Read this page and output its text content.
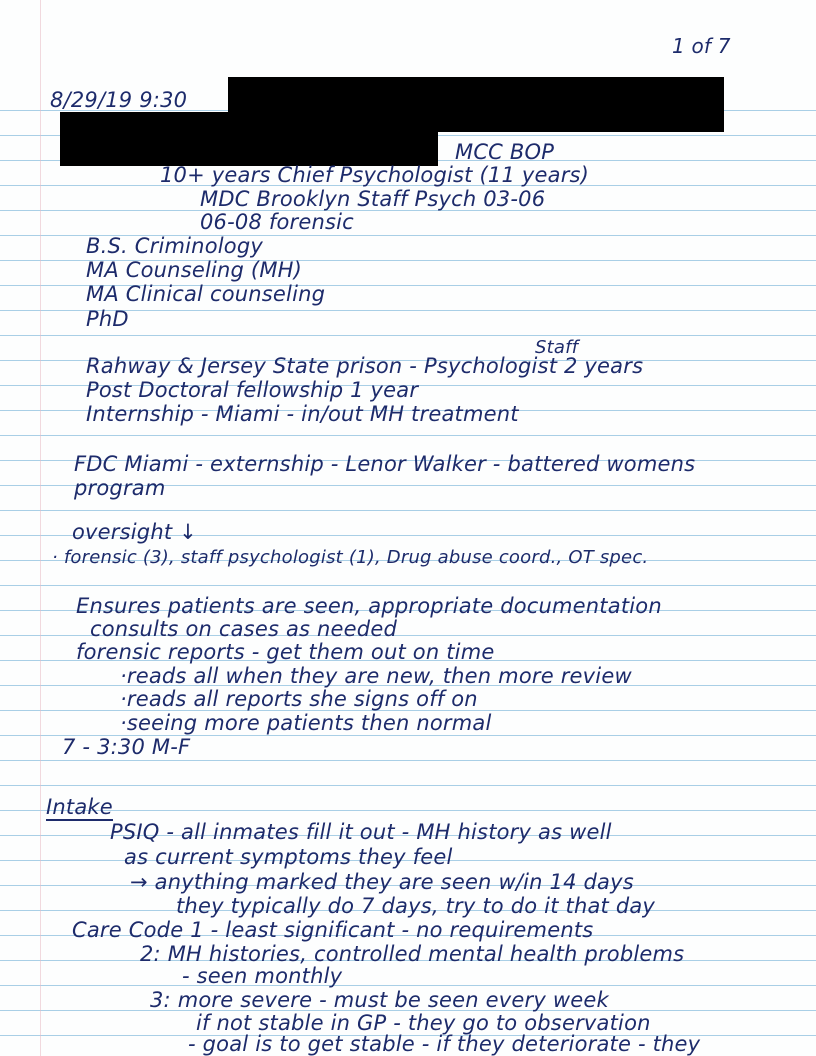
1 of 7
8/29/19 9:30
MCC BOP
10+ years Chief Psychologist (11 years)
MDC Brooklyn Staff Psych 03-06
06-08 forensic
B.S. Criminology
MA Counseling (MH)
MA Clinical counseling
PhD
Staff
Rahway & Jersey State prison - Psychologist 2 years
Post Doctoral fellowship 1 year
Internship - Miami - in/out MH treatment
FDC Miami - externship - Lenor Walker - battered womens
program
oversight ↓
· forensic (3), staff psychologist (1), Drug abuse coord., OT spec.
Ensures patients are seen, appropriate documentation
consults on cases as needed
forensic reports - get them out on time
·reads all when they are new, then more review
·reads all reports she signs off on
·seeing more patients then normal
7 - 3:30 M-F
Intake
PSIQ - all inmates fill it out - MH history as well
as current symptoms they feel
→ anything marked they are seen w/in 14 days
they typically do 7 days, try to do it that day
Care Code 1 - least significant - no requirements
2: MH histories, controlled mental health problems
- seen monthly
3: more severe - must be seen every week
if not stable in GP - they go to observation
- goal is to get stable - if they deteriorate - they
